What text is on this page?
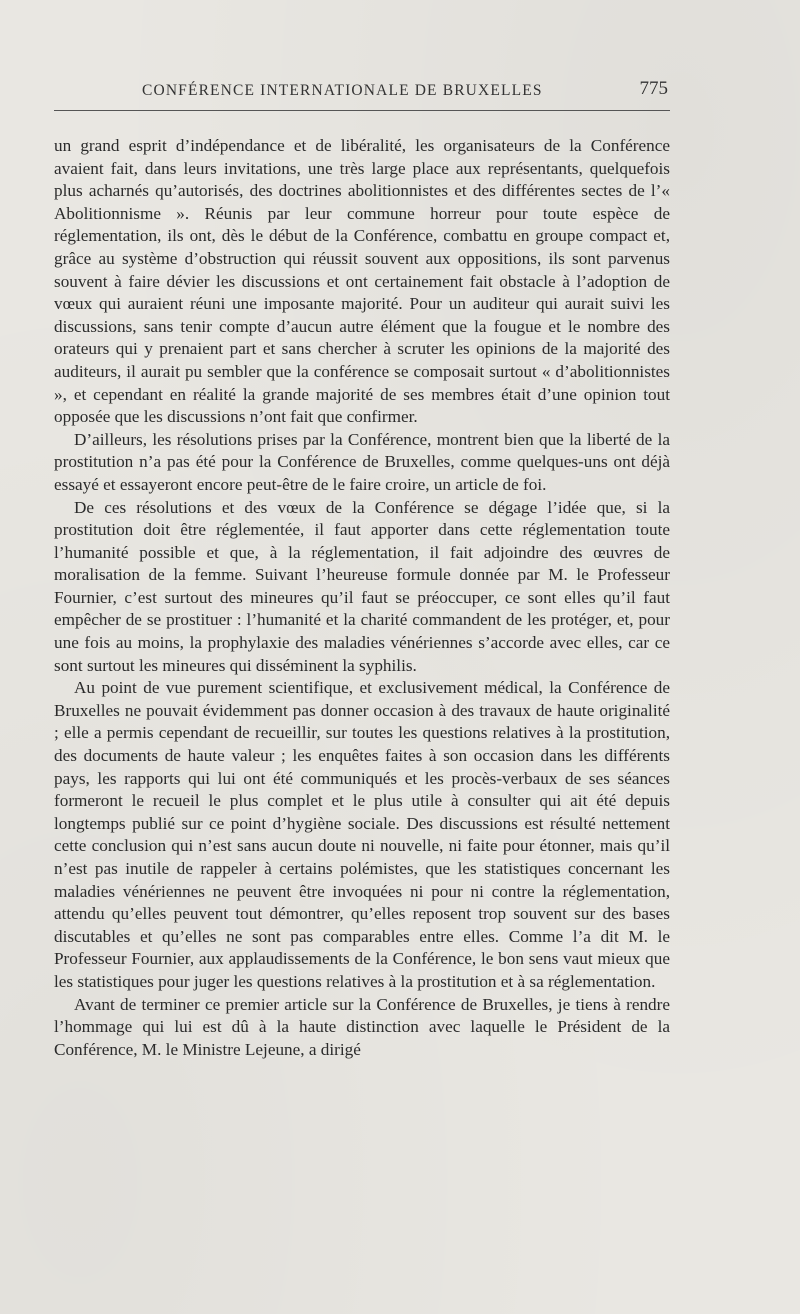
CONFÉRENCE INTERNATIONALE DE BRUXELLES	775

un grand esprit d’indépendance et de libéralité, les organisateurs de la Conférence avaient fait, dans leurs invitations, une très large place aux représentants, quelquefois plus acharnés qu’autorisés, des doctrines abolitionnistes et des différentes sectes de l’« Abolitionnisme ». Réunis par leur commune horreur pour toute espèce de réglementation, ils ont, dès le début de la Conférence, combattu en groupe compact et, grâce au système d’obstruction qui réussit souvent aux oppositions, ils sont parvenus souvent à faire dévier les discussions et ont certainement fait obstacle à l’adoption de vœux qui auraient réuni une imposante majorité. Pour un auditeur qui aurait suivi les discussions, sans tenir compte d’aucun autre élément que la fougue et le nombre des orateurs qui y prenaient part et sans chercher à scruter les opinions de la majorité des auditeurs, il aurait pu sembler que la conférence se composait surtout « d’abolitionnistes », et cependant en réalité la grande majorité de ses membres était d’une opinion tout opposée que les discussions n’ont fait que confirmer.

D’ailleurs, les résolutions prises par la Conférence, montrent bien que la liberté de la prostitution n’a pas été pour la Conférence de Bruxelles, comme quelques-uns ont déjà essayé et essayeront encore peut-être de le faire croire, un article de foi.

De ces résolutions et des vœux de la Conférence se dégage l’idée que, si la prostitution doit être réglementée, il faut apporter dans cette réglementation toute l’humanité possible et que, à la réglementation, il fait adjoindre des œuvres de moralisation de la femme. Suivant l’heureuse formule donnée par M. le Professeur Fournier, c’est surtout des mineures qu’il faut se préoccuper, ce sont elles qu’il faut empêcher de se prostituer : l’humanité et la charité commandent de les protéger, et, pour une fois au moins, la prophylaxie des maladies vénériennes s’accorde avec elles, car ce sont surtout les mineures qui disséminent la syphilis.

Au point de vue purement scientifique, et exclusivement médical, la Conférence de Bruxelles ne pouvait évidemment pas donner occasion à des travaux de haute originalité ; elle a permis cependant de recueillir, sur toutes les questions relatives à la prostitution, des documents de haute valeur ; les enquêtes faites à son occasion dans les différents pays, les rapports qui lui ont été communiqués et les procès-verbaux de ses séances formeront le recueil le plus complet et le plus utile à consulter qui ait été depuis longtemps publié sur ce point d’hygiène sociale. Des discussions est résulté nettement cette conclusion qui n’est sans aucun doute ni nouvelle, ni faite pour étonner, mais qu’il n’est pas inutile de rappeler à certains polémistes, que les statistiques concernant les maladies vénériennes ne peuvent être invoquées ni pour ni contre la réglementation, attendu qu’elles peuvent tout démontrer, qu’elles reposent trop souvent sur des bases discutables et qu’elles ne sont pas comparables entre elles. Comme l’a dit M. le Professeur Fournier, aux applaudissements de la Conférence, le bon sens vaut mieux que les statistiques pour juger les questions relatives à la prostitution et à sa réglementation.

Avant de terminer ce premier article sur la Conférence de Bruxelles, je tiens à rendre l’hommage qui lui est dû à la haute distinction avec laquelle le Président de la Conférence, M. le Ministre Lejeune, a dirigé
